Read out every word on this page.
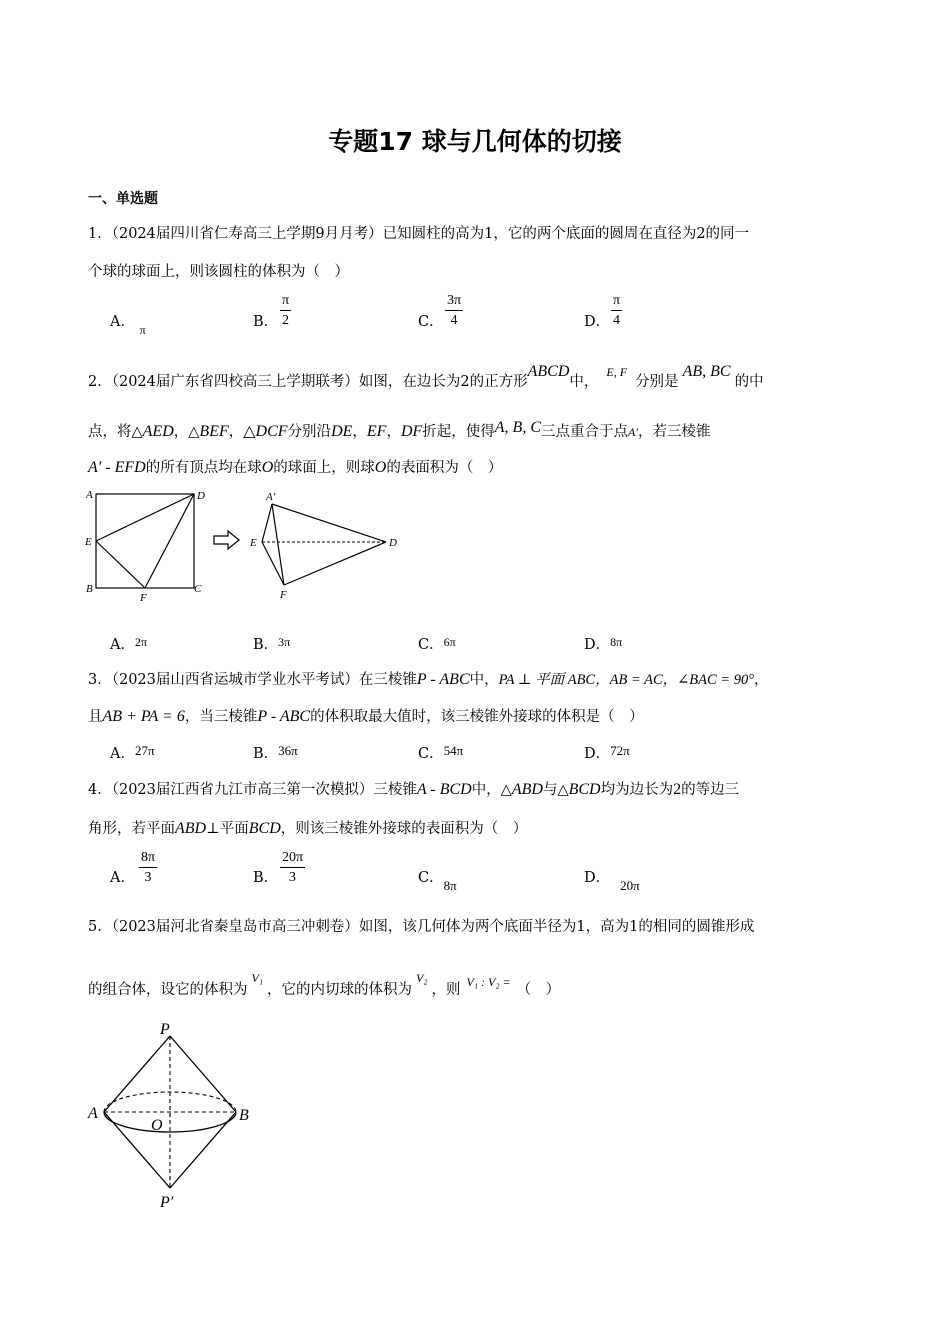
专题17 球与几何体的切接
一、单选题
1．（2024届四川省仁寿高三上学期9月月考）已知圆柱的高为1，它的两个底面的圆周在直径为2的同一
个球的球面上，则该圆柱的体积为（　）
A． $_\pi$	B．
π
2	C．
3π
4	D．
π
4
2．（2024届广东省四校高三上学期联考）如图，在边长为2的正方形ABCD中，$^{E, F}$分别是AB, BC的中
点，将△AED，△BEF，△DCF分别沿DE，EF，DF折起，使得A, B, C三点重合于点A′，若三棱锥
A′ - EFD的所有顶点均在球O的球面上，则球O的表面积为（　）
A	D
E
B	C
F
A′
E	D
F
A．$^{2\pi}$	B．$^{3\pi}$	C．$^{6\pi}$	D．$^{8\pi}$
3．（2023届山西省运城市学业水平考试）在三棱锥P - ABC中，PA ⊥ 平面 ABC，AB = AC，∠BAC = 90°，
且AB + PA = 6，当三棱锥P - ABC的体积取最大值时，该三棱锥外接球的体积是（　）
A．27π	B．36π	C．54π	D．72π
4．（2023届江西省九江市高三第一次模拟）三棱锥A - BCD中，△ABD与△BCD均为边长为2的等边三
角形，若平面ABD⊥平面BCD，则该三棱锥外接球的表面积为（　）
A．
8π
3	B．
20π
3	C．8π	D． 20π
5．（2023届河北省秦皇岛市高三冲刺卷）如图，该几何体为两个底面半径为1，高为1的相同的圆锥形成
的组合体，设它的体积为$^{V_1}$，它的内切球的体积为$^{V_2}$，则 $^{V_1 : V_2 =}$ （　）
P
A	B
O
P′
